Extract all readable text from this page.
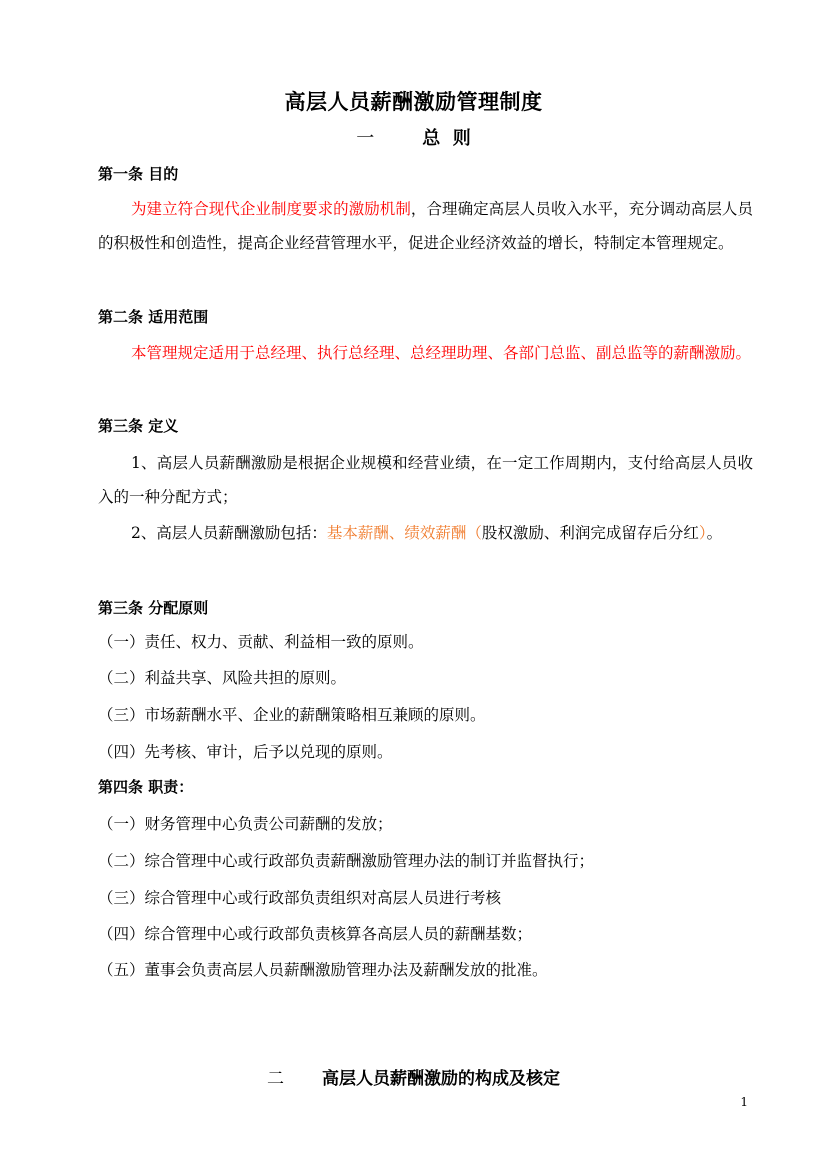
高层人员薪酬激励管理制度
一	总  则
第一条 目的
为建立符合现代企业制度要求的激励机制，合理确定高层人员收入水平，充分调动高层人员的积极性和创造性，提高企业经营管理水平，促进企业经济效益的增长，特制定本管理规定。
第二条 适用范围
本管理规定适用于总经理、执行总经理、总经理助理、各部门总监、副总监等的薪酬激励。
第三条 定义
1、高层人员薪酬激励是根据企业规模和经营业绩，在一定工作周期内，支付给高层人员收入的一种分配方式；
2、高层人员薪酬激励包括：基本薪酬、绩效薪酬（股权激励、利润完成留存后分红）。
第三条 分配原则
（一）责任、权力、贡献、利益相一致的原则。
（二）利益共享、风险共担的原则。
（三）市场薪酬水平、企业的薪酬策略相互兼顾的原则。
（四）先考核、审计，后予以兑现的原则。
第四条 职责：
（一）财务管理中心负责公司薪酬的发放；
（二）综合管理中心或行政部负责薪酬激励管理办法的制订并监督执行；
（三）综合管理中心或行政部负责组织对高层人员进行考核
（四）综合管理中心或行政部负责核算各高层人员的薪酬基数；
（五）董事会负责高层人员薪酬激励管理办法及薪酬发放的批准。
二 高层人员薪酬激励的构成及核定
1
